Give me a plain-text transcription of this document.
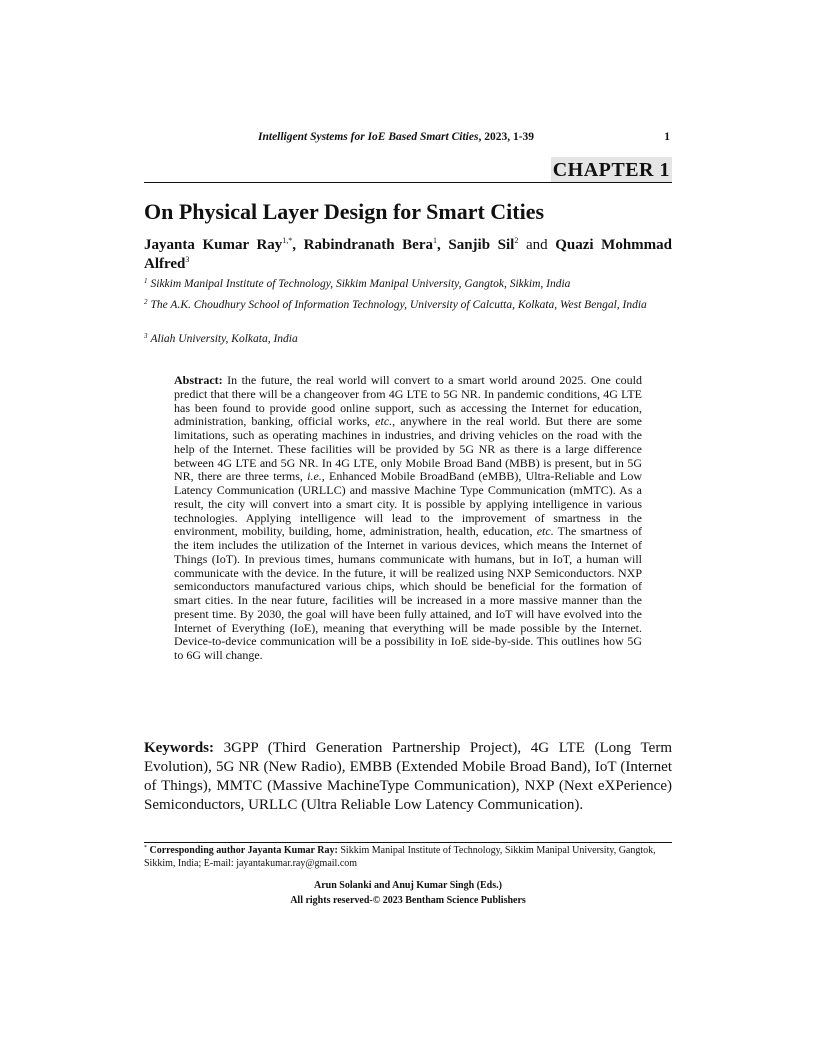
Intelligent Systems for IoE Based Smart Cities, 2023, 1-39	1
CHAPTER 1
On Physical Layer Design for Smart Cities
Jayanta Kumar Ray$^{1,*}$, Rabindranath Bera$^1$, Sanjib Sil$^2$ and Quazi Mohmmad Alfred$^3$
$^1$ Sikkim Manipal Institute of Technology, Sikkim Manipal University, Gangtok, Sikkim, India
$^2$ The A.K. Choudhury School of Information Technology, University of Calcutta, Kolkata, West Bengal, India
$^3$ Aliah University, Kolkata, India

Abstract: In the future, the real world will convert to a smart world around 2025. One could predict that there will be a changeover from 4G LTE to 5G NR. In pandemic conditions, 4G LTE has been found to provide good online support, such as accessing the Internet for education, administration, banking, official works, etc., anywhere in the real world. But there are some limitations, such as operating machines in industries, and driving vehicles on the road with the help of the Internet. These facilities will be provided by 5G NR as there is a large difference between 4G LTE and 5G NR. In 4G LTE, only Mobile Broad Band (MBB) is present, but in 5G NR, there are three terms, i.e., Enhanced Mobile BroadBand (eMBB), Ultra-Reliable and Low Latency Communication (URLLC) and massive Machine Type Communication (mMTC). As a result, the city will convert into a smart city. It is possible by applying intelligence in various technologies. Applying intelligence will lead to the improvement of smartness in the environment, mobility, building, home, administration, health, education, etc. The smartness of the item includes the utilization of the Internet in various devices, which means the Internet of Things (IoT). In previous times, humans communicate with humans, but in IoT, a human will communicate with the device. In the future, it will be realized using NXP Semiconductors. NXP semiconductors manufactured various chips, which should be beneficial for the formation of smart cities. In the near future, facilities will be increased in a more massive manner than the present time. By 2030, the goal will have been fully attained, and IoT will have evolved into the Internet of Everything (IoE), meaning that everything will be made possible by the Internet. Device-to-device communication will be a possibility in IoE side-by-side. This outlines how 5G to 6G will change.

Keywords: 3GPP (Third Generation Partnership Project), 4G LTE (Long Term Evolution), 5G NR (New Radio), EMBB (Extended Mobile Broad Band), IoT (Internet of Things), MMTC (Massive MachineType Communication), NXP (Next eXPerience) Semiconductors, URLLC (Ultra Reliable Low Latency Communication).

* Corresponding author Jayanta Kumar Ray: Sikkim Manipal Institute of Technology, Sikkim Manipal University, Gangtok, Sikkim, India; E-mail: jayantakumar.ray@gmail.com

Arun Solanki and Anuj Kumar Singh (Eds.)
All rights reserved-© 2023 Bentham Science Publishers
